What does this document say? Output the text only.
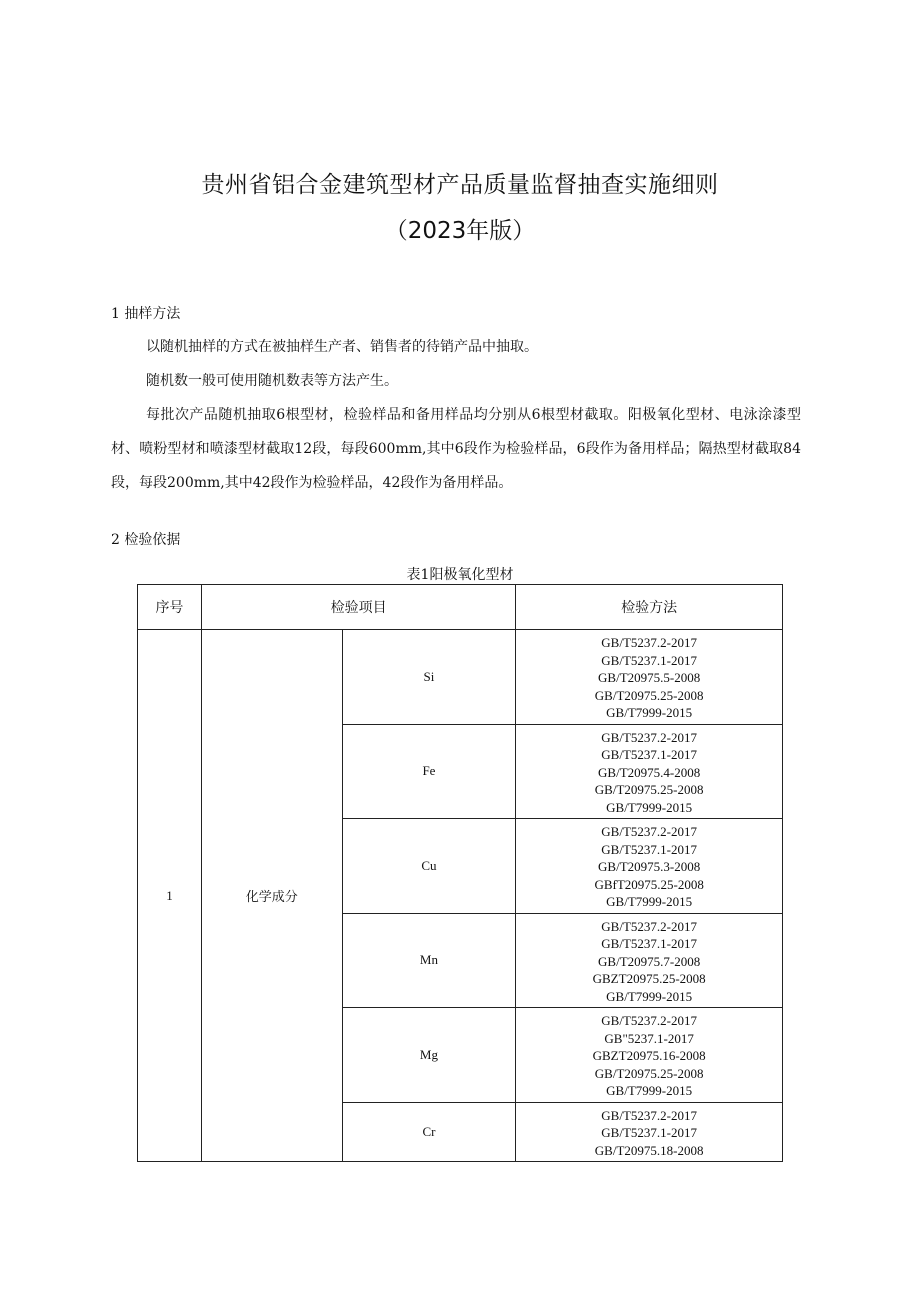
贵州省铝合金建筑型材产品质量监督抽查实施细则
（2023年版）
1 抽样方法
以随机抽样的方式在被抽样生产者、销售者的待销产品中抽取。
随机数一般可使用随机数表等方法产生。
每批次产品随机抽取6根型材，检验样品和备用样品均分别从6根型材截取。阳极氧化型材、电泳涂漆型材、喷粉型材和喷漆型材截取12段，每段600mm,其中6段作为检验样品，6段作为备用样品；隔热型材截取84段，每段200mm,其中42段作为检验样品，42段作为备用样品。
2 检验依据
表1阳极氧化型材
序号	检验项目		检验方法
1	化学成分	Si	GB/T5237.2-2017
GB/T5237.1-2017
GB/T20975.5-2008
GB/T20975.25-2008
GB/T7999-2015

		Fe	GB/T5237.2-2017
GB/T5237.1-2017
GB/T20975.4-2008
GB/T20975.25-2008
GB/T7999-2015

		Cu	GB/T5237.2-2017
GB/T5237.1-2017
GB/T20975.3-2008
GBfT20975.25-2008
GB/T7999-2015

		Mn	GB/T5237.2-2017
GB/T5237.1-2017
GB/T20975.7-2008
GBZT20975.25-2008
GB/T7999-2015

		Mg	GB/T5237.2-2017
GB"5237.1-2017
GBZT20975.16-2008
GB/T20975.25-2008
GB/T7999-2015

		Cr	GB/T5237.2-2017
GB/T5237.1-2017
GB/T20975.18-2008
